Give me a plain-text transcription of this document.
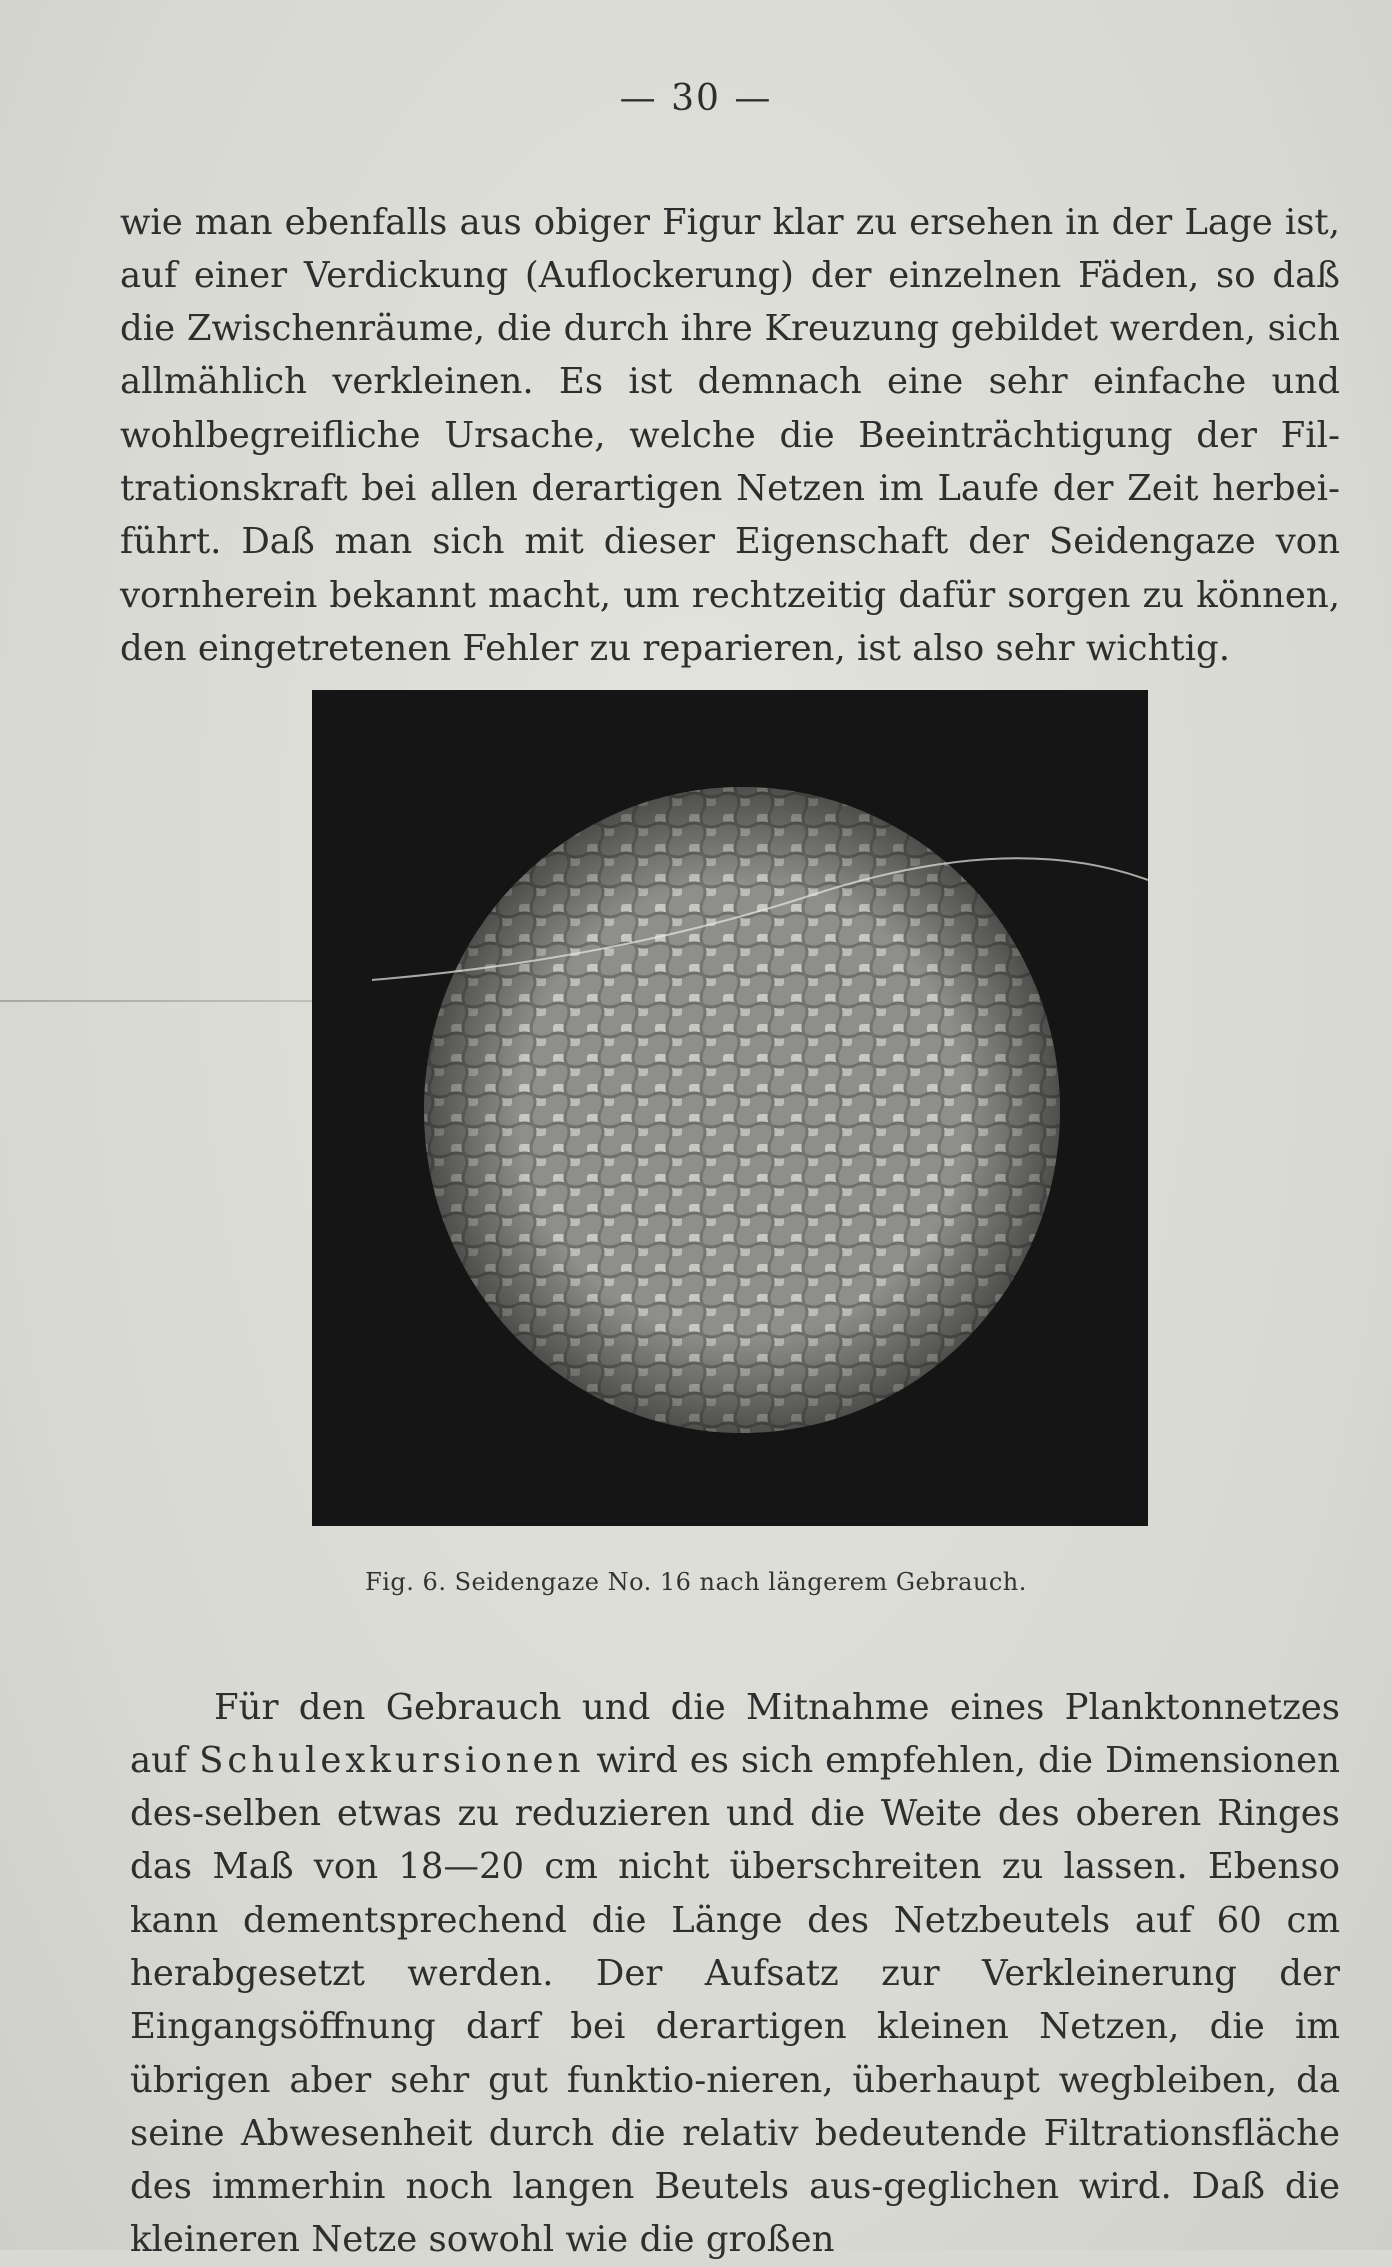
— 30 —

wie man ebenfalls aus obiger Figur klar zu ersehen in der Lage ist, auf einer Verdickung (Auflockerung) der einzelnen Fäden, so daß die Zwischenräume, die durch ihre Kreuzung gebildet werden, sich allmählich verkleinen. Es ist demnach eine sehr einfache und wohlbegreifliche Ursache, welche die Beeinträchtigung der Fil-trationskraft bei allen derartigen Netzen im Laufe der Zeit herbei-führt. Daß man sich mit dieser Eigenschaft der Seidengaze von vornherein bekannt macht, um rechtzeitig dafür sorgen zu können, den eingetretenen Fehler zu reparieren, ist also sehr wichtig.

Fig. 6. Seidengaze No. 16 nach längerem Gebrauch.

Für den Gebrauch und die Mitnahme eines Planktonnetzes auf Schulexkursionen wird es sich empfehlen, die Dimensionen des-selben etwas zu reduzieren und die Weite des oberen Ringes das Maß von 18—20 cm nicht überschreiten zu lassen. Ebenso kann dementsprechend die Länge des Netzbeutels auf 60 cm herabgesetzt werden. Der Aufsatz zur Verkleinerung der Eingangsöffnung darf bei derartigen kleinen Netzen, die im übrigen aber sehr gut funktio-nieren, überhaupt wegbleiben, da seine Abwesenheit durch die relativ bedeutende Filtrationsfläche des immerhin noch langen Beutels aus-geglichen wird. Daß die kleineren Netze sowohl wie die großen
